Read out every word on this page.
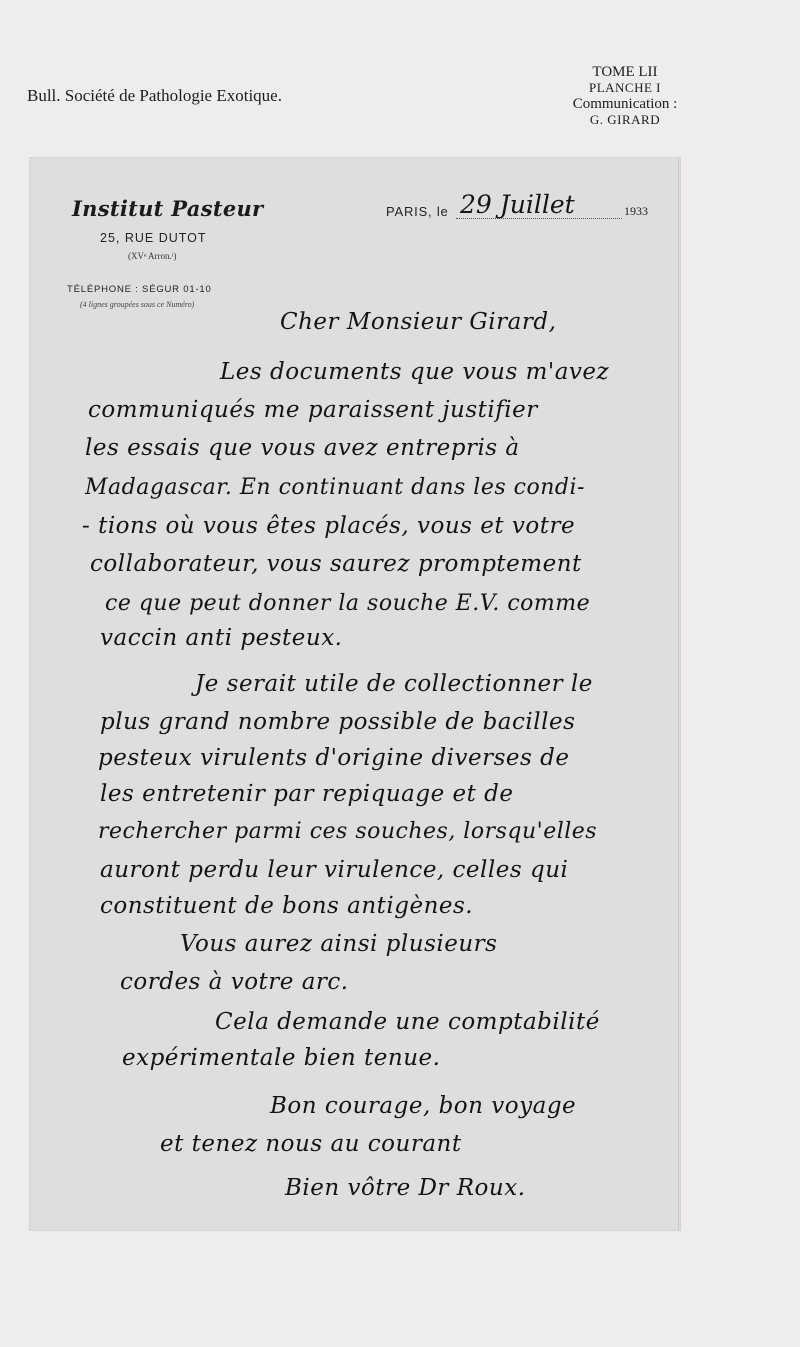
Bull. Société de Pathologie Exotique.
TOME LII
PLANCHE I
Communication :
G. GIRARD
Institut Pasteur
25, RUE DUTOT
(XVᵉ Arron.ᵗ)
TÉLÉPHONE : SÉGUR 01-10
(4 lignes groupées sous ce Numéro)
PARIS, le 29 Juillet	1933
Cher Monsieur Girard,
Les documents que vous m'avez
communiqués me paraissent justifier
les essais que vous avez entrepris à
Madagascar. En continuant dans les condi-
- tions où vous êtes placés, vous et votre
collaborateur, vous saurez promptement
ce que peut donner la souche E.V. comme
vaccin anti pesteux.
Je serait utile de collectionner le
plus grand nombre possible de bacilles
pesteux virulents d'origine diverses de
les entretenir par repiquage et de
rechercher parmi ces souches, lorsqu'elles
auront perdu leur virulence, celles qui
constituent de bons antigènes.
Vous aurez ainsi plusieurs
cordes à votre arc.
Cela demande une comptabilité
expérimentale bien tenue.
Bon courage, bon voyage
et tenez nous au courant
Bien vôtre Dr Roux.
